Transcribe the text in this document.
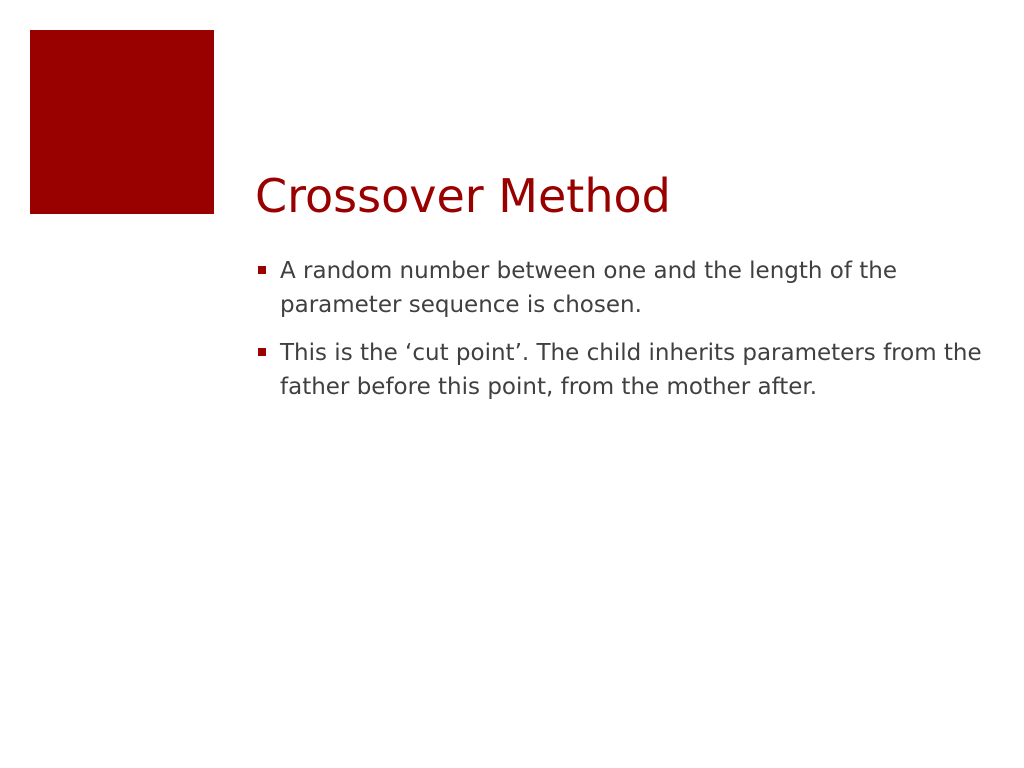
Crossover Method
A random number between one and the length of the parameter sequence is chosen.
This is the ‘cut point’. The child inherits parameters from the father before this point, from the mother after.
